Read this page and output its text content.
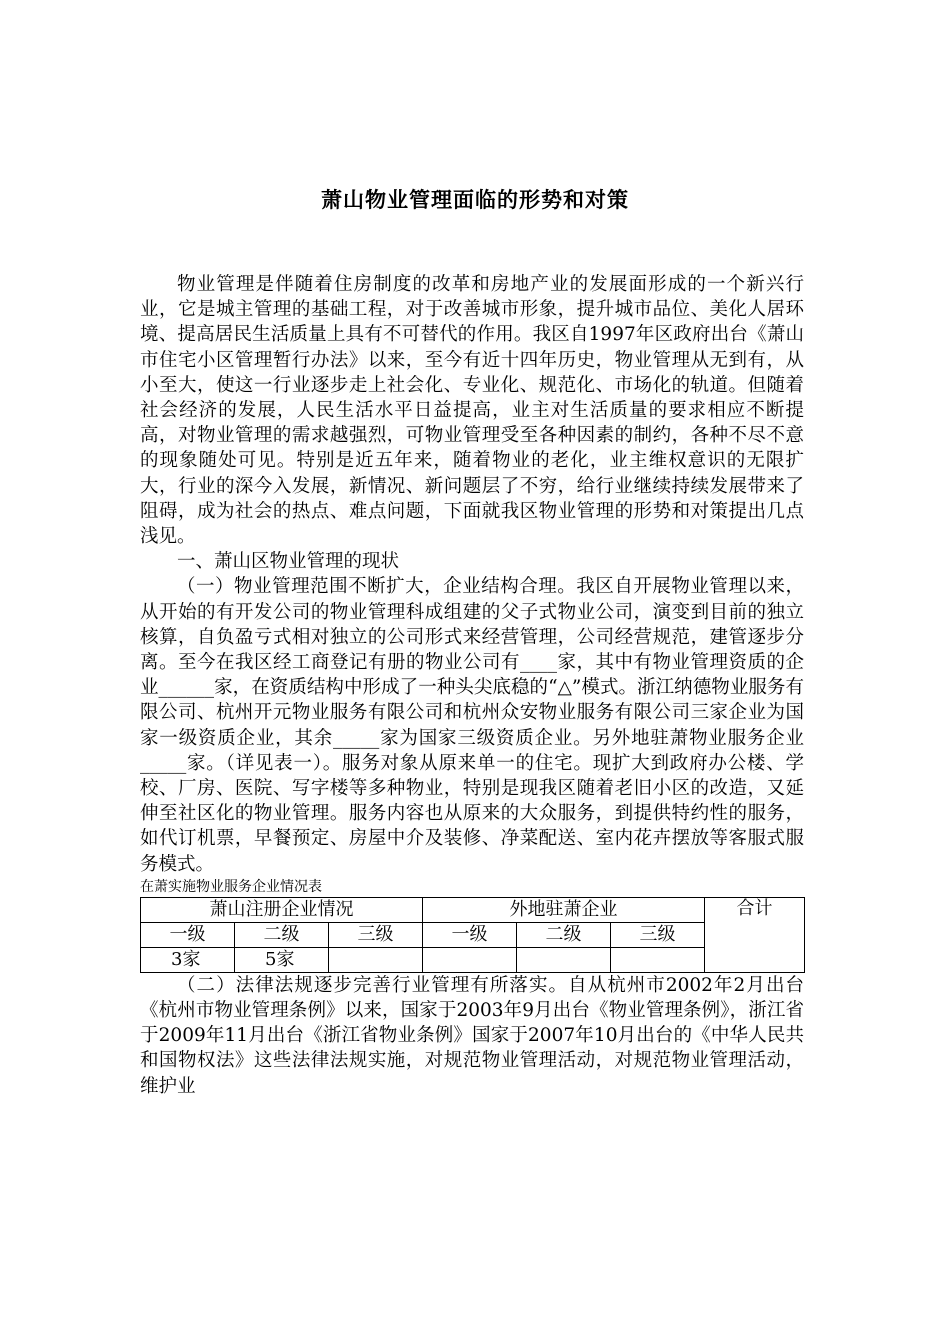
萧山物业管理面临的形势和对策

物业管理是伴随着住房制度的改革和房地产业的发展面形成的一个新兴行业，它是城主管理的基础工程，对于改善城市形象，提升城市品位、美化人居环境、提高居民生活质量上具有不可替代的作用。我区自1997年区政府出台《萧山市住宅小区管理暂行办法》以来，至今有近十四年历史，物业管理从无到有，从小至大，使这一行业逐步走上社会化、专业化、规范化、市场化的轨道。但随着社会经济的发展，人民生活水平日益提高，业主对生活质量的要求相应不断提高，对物业管理的需求越强烈，可物业管理受至各种因素的制约，各种不尽不意的现象随处可见。特别是近五年来，随着物业的老化，业主维权意识的无限扩大，行业的深今入发展，新情况、新问题层了不穷，给行业继续持续发展带来了阻碍，成为社会的热点、难点问题，下面就我区物业管理的形势和对策提出几点浅见。

一、萧山区物业管理的现状

（一）物业管理范围不断扩大，企业结构合理。我区自开展物业管理以来，从开始的有开发公司的物业管理科成组建的父子式物业公司，演变到目前的独立核算，自负盈亏式相对独立的公司形式来经营管理，公司经营规范，建管逐步分离。至今在我区经工商登记有册的物业公司有____家，其中有物业管理资质的企业______家，在资质结构中形成了一种头尖底稳的“△”模式。浙江纳德物业服务有限公司、杭州开元物业服务有限公司和杭州众安物业服务有限公司三家企业为国家一级资质企业，其余_____家为国家三级资质企业。另外地驻萧物业服务企业_____家。（详见表一）。服务对象从原来单一的住宅。现扩大到政府办公楼、学校、厂房、医院、写字楼等多种物业，特别是现我区随着老旧小区的改造，又延伸至社区化的物业管理。服务内容也从原来的大众服务，到提供特约性的服务，如代订机票，早餐预定、房屋中介及装修、净菜配送、室内花卉摆放等客服式服务模式。

在萧实施物业服务企业情况表

萧山注册企业情况			外地驻萧企业			合计
一级	二级	三级	一级	二级	三级	
3家	5家					

（二）法律法规逐步完善行业管理有所落实。自从杭州市2002年2月出台《杭州市物业管理条例》以来，国家于2003年9月出台《物业管理条例》，浙江省于2009年11月出台《浙江省物业条例》国家于2007年10月出台的《中华人民共和国物权法》这些法律法规实施，对规范物业管理活动，对规范物业管理活动，维护业
